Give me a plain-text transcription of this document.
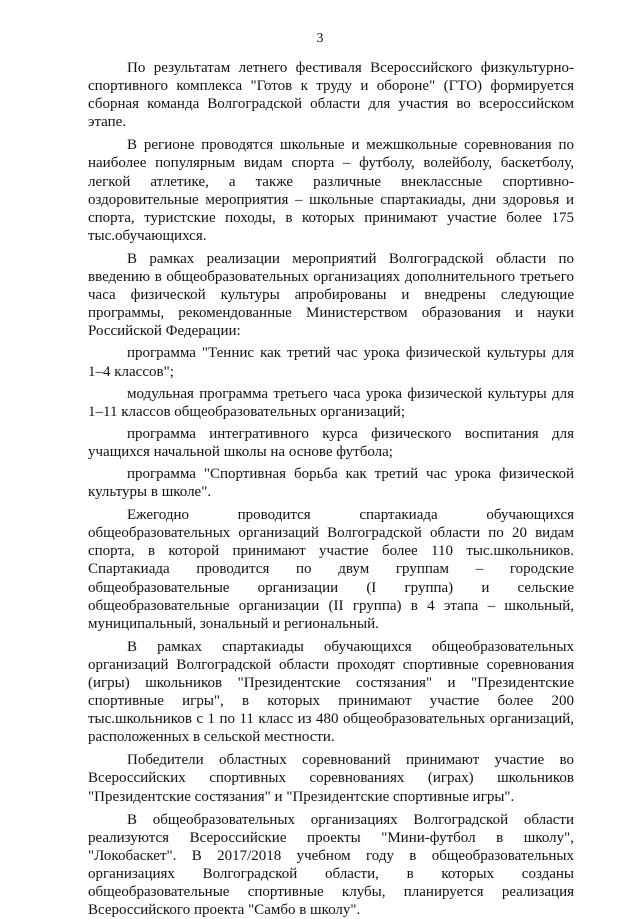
3

По результатам летнего фестиваля Всероссийского физкультурно-спортивного комплекса "Готов к труду и обороне" (ГТО) формируется сборная команда Волгоградской области для участия во всероссийском этапе.

В регионе проводятся школьные и межшкольные соревнования по наиболее популярным видам спорта – футболу, волейболу, баскетболу, легкой атлетике, а также различные внеклассные спортивно-оздоровительные мероприятия – школьные спартакиады, дни здоровья и спорта, туристские походы, в которых принимают участие более 175 тыс.обучающихся.

В рамках реализации мероприятий Волгоградской области по введению в общеобразовательных организациях дополнительного третьего часа физической культуры апробированы и внедрены следующие программы, рекомендованные Министерством образования и науки Российской Федерации:

программа "Теннис как третий час урока физической культуры для 1–4 классов";

модульная программа третьего часа урока физической культуры для 1–11 классов общеобразовательных организаций;

программа интегративного курса физического воспитания для учащихся начальной школы на основе футбола;

программа "Спортивная борьба как третий час урока физической культуры в школе".

Ежегодно проводится спартакиада обучающихся общеобразовательных организаций Волгоградской области по 20 видам спорта, в которой принимают участие более 110 тыс.школьников. Спартакиада проводится по двум группам – городские общеобразовательные организации (I группа) и сельские общеобразовательные организации (II группа) в 4 этапа – школьный, муниципальный, зональный и региональный.

В рамках спартакиады обучающихся общеобразовательных организаций Волгоградской области проходят спортивные соревнования (игры) школьников "Президентские состязания" и "Президентские спортивные игры", в которых принимают участие более 200 тыс.школьников с 1 по 11 класс из 480 общеобразовательных организаций, расположенных в сельской местности.

Победители областных соревнований принимают участие во Всероссийских спортивных соревнованиях (играх) школьников "Президентские состязания" и "Президентские спортивные игры".

В общеобразовательных организациях Волгоградской области реализуются Всероссийские проекты "Мини-футбол в школу", "Локобаскет". В 2017/2018 учебном году в общеобразовательных организациях Волгоградской области, в которых созданы общеобразовательные спортивные клубы, планируется реализация Всероссийского проекта "Самбо в школу".
